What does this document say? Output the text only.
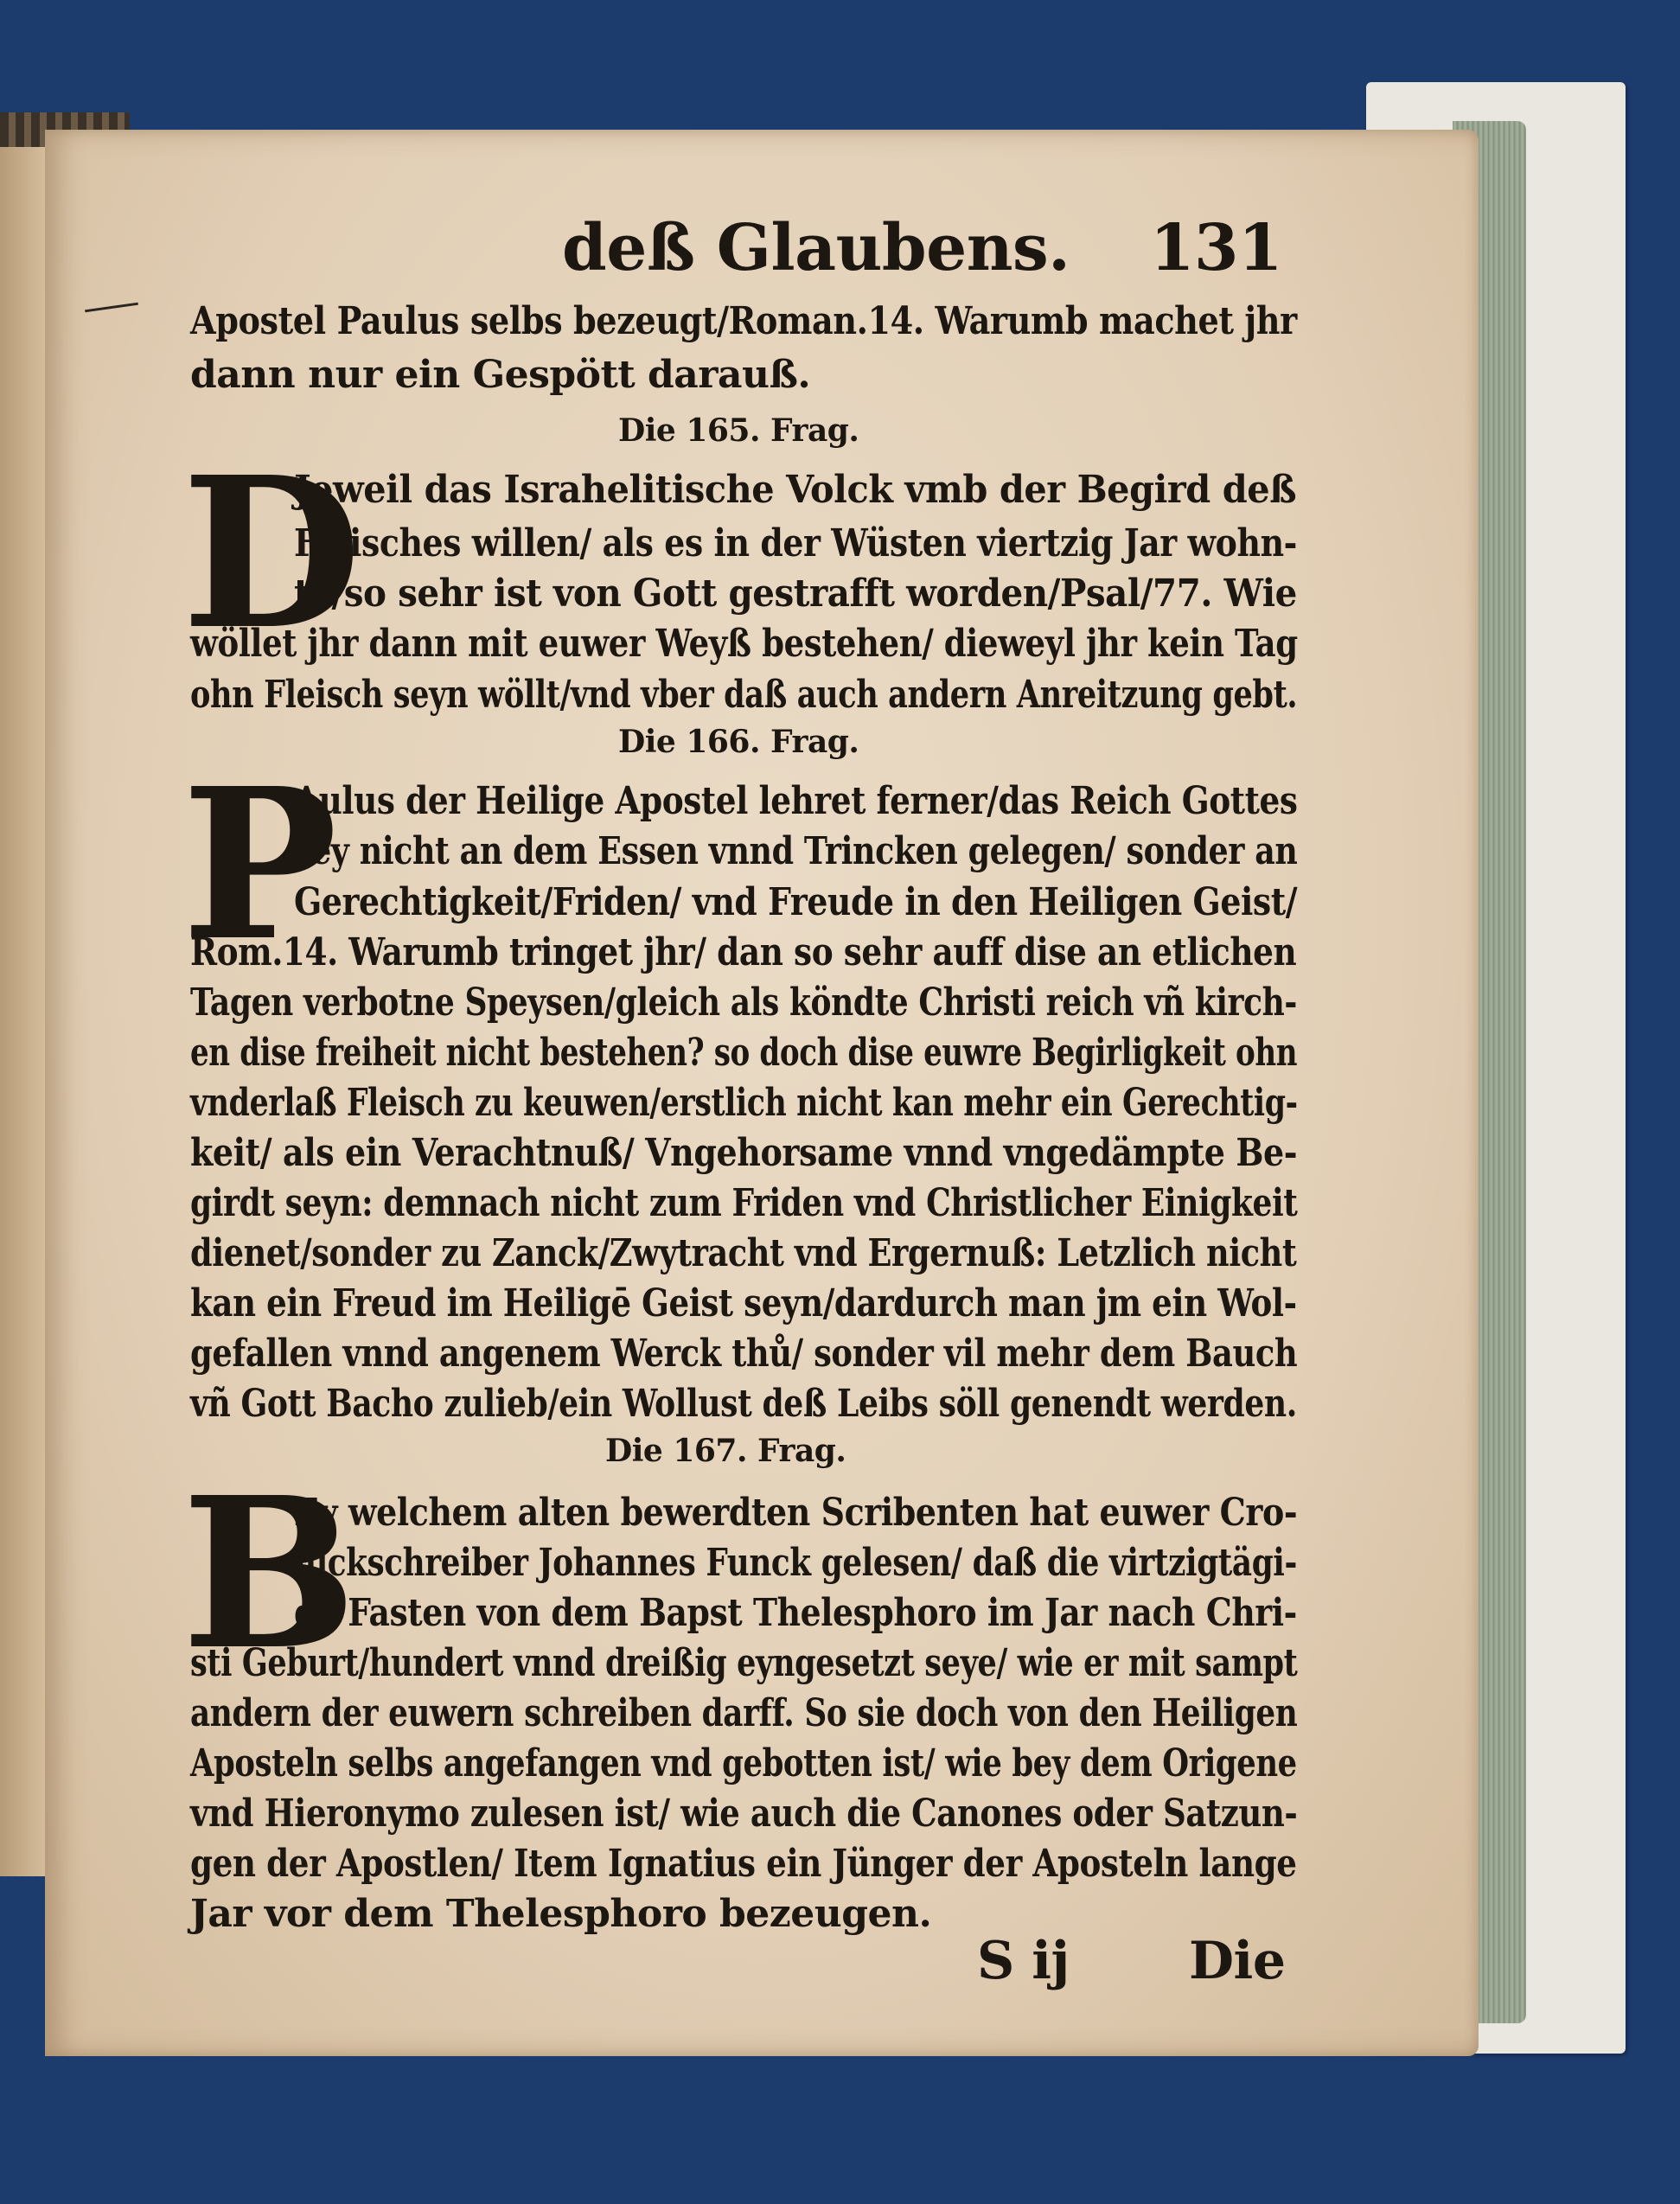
deß Glaubens. 131
Apostel Paulus selbs bezeugt/Roman.14. Warumb machet jhr
dann nur ein Gespött darauß.
Die 165. Frag.
D
Jeweil das Israhelitische Volck vmb der Begird deß
Fleisches willen/ als es in der Wüsten viertzig Jar wohn-
te/so sehr ist von Gott gestrafft worden/Psal/77. Wie
wöllet jhr dann mit euwer Weyß bestehen/ dieweyl jhr kein Tag
ohn Fleisch seyn wöllt/vnd vber daß auch andern Anreitzung gebt.
Die 166. Frag.
P
Aulus der Heilige Apostel lehret ferner/das Reich Gottes
sey nicht an dem Essen vnnd Trincken gelegen/ sonder an
Gerechtigkeit/Friden/ vnd Freude in den Heiligen Geist/
Rom.14. Warumb tringet jhr/ dan so sehr auff dise an etlichen
Tagen verbotne Speysen/gleich als köndte Christi reich vñ kirch-
en dise freiheit nicht bestehen? so doch dise euwre Begirligkeit ohn
vnderlaß Fleisch zu keuwen/erstlich nicht kan mehr ein Gerechtig-
keit/ als ein Verachtnuß/ Vngehorsame vnnd vngedämpte Be-
girdt seyn: demnach nicht zum Friden vnd Christlicher Einigkeit
dienet/sonder zu Zanck/Zwytracht vnd Ergernuß: Letzlich nicht
kan ein Freud im Heiligē Geist seyn/dardurch man jm ein Wol-
gefallen vnnd angenem Werck thů/ sonder vil mehr dem Bauch
vñ Gott Bacho zulieb/ein Wollust deß Leibs söll genendt werden.
Die 167. Frag.
B
Ey welchem alten bewerdten Scribenten hat euwer Cro-
nickschreiber Johannes Funck gelesen/ daß die virtzigtägi-
ge Fasten von dem Bapst Thelesphoro im Jar nach Chri-
sti Geburt/hundert vnnd dreißig eyngesetzt seye/ wie er mit sampt
andern der euwern schreiben darff. So sie doch von den Heiligen
Aposteln selbs angefangen vnd gebotten ist/ wie bey dem Origene
vnd Hieronymo zulesen ist/ wie auch die Canones oder Satzun-
gen der Apostlen/ Item Ignatius ein Jünger der Aposteln lange
Jar vor dem Thelesphoro bezeugen.
S ij Die
